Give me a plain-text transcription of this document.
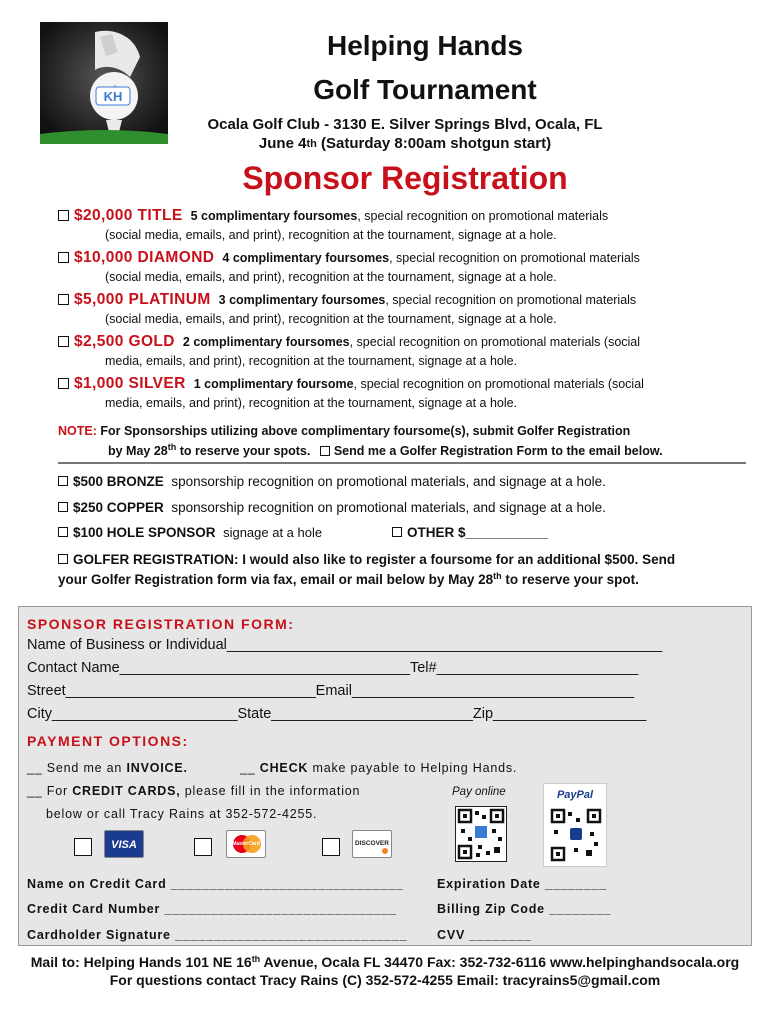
KH
Helping Hands
Golf Tournament
Ocala Golf Club - 3130 E. Silver Springs Blvd, Ocala, FL
June 4th (Saturday 8:00am shotgun start)
Sponsor Registration
$20,000 TITLE 5 complimentary foursomes, special recognition on promotional materials
(social media, emails, and print), recognition at the tournament, signage at a hole.
$10,000 DIAMOND 4 complimentary foursomes, special recognition on promotional materials
(social media, emails, and print), recognition at the tournament, signage at a hole.
$5,000 PLATINUM 3 complimentary foursomes, special recognition on promotional materials
(social media, emails, and print), recognition at the tournament, signage at a hole.
$2,500 GOLD 2 complimentary foursomes, special recognition on promotional materials (social
media, emails, and print), recognition at the tournament, signage at a hole.
$1,000 SILVER 1 complimentary foursome, special recognition on promotional materials (social
media, emails, and print), recognition at the tournament, signage at a hole.
NOTE: For Sponsorships utilizing above complimentary foursome(s), submit Golfer Registration
by May 28th to reserve your spots. Send me a Golfer Registration Form to the email below.
$500 BRONZE sponsorship recognition on promotional materials, and signage at a hole.
$250 COPPER sponsorship recognition on promotional materials, and signage at a hole.
$100 HOLE SPONSOR signage at a hole	OTHER $___________
GOLFER REGISTRATION: I would also like to register a foursome for an additional $500. Send
your Golfer Registration form via fax, email or mail below by May 28th to reserve your spot.
SPONSOR REGISTRATION FORM:
Name of Business or Individual______________________________________________________
Contact Name____________________________________Tel#_________________________
Street_______________________________Email___________________________________
City_______________________State_________________________Zip___________________
PAYMENT OPTIONS:
__ Send me an INVOICE.	__ CHECK make payable to Helping Hands.
__ For CREDIT CARDS, please fill in the information
below or call Tracy Rains at 352-572-4255.
VISA	MasterCard	DISCOVER
Pay online	PayPal
Name on Credit Card ______________________________	Expiration Date ________
Credit Card Number ______________________________	Billing Zip Code ________
Cardholder Signature ______________________________ CVV ________
Mail to: Helping Hands 101 NE 16th Avenue, Ocala FL 34470 Fax: 352-732-6116 www.helpinghandsocala.org
For questions contact Tracy Rains (C) 352-572-4255 Email: tracyrains5@gmail.com
